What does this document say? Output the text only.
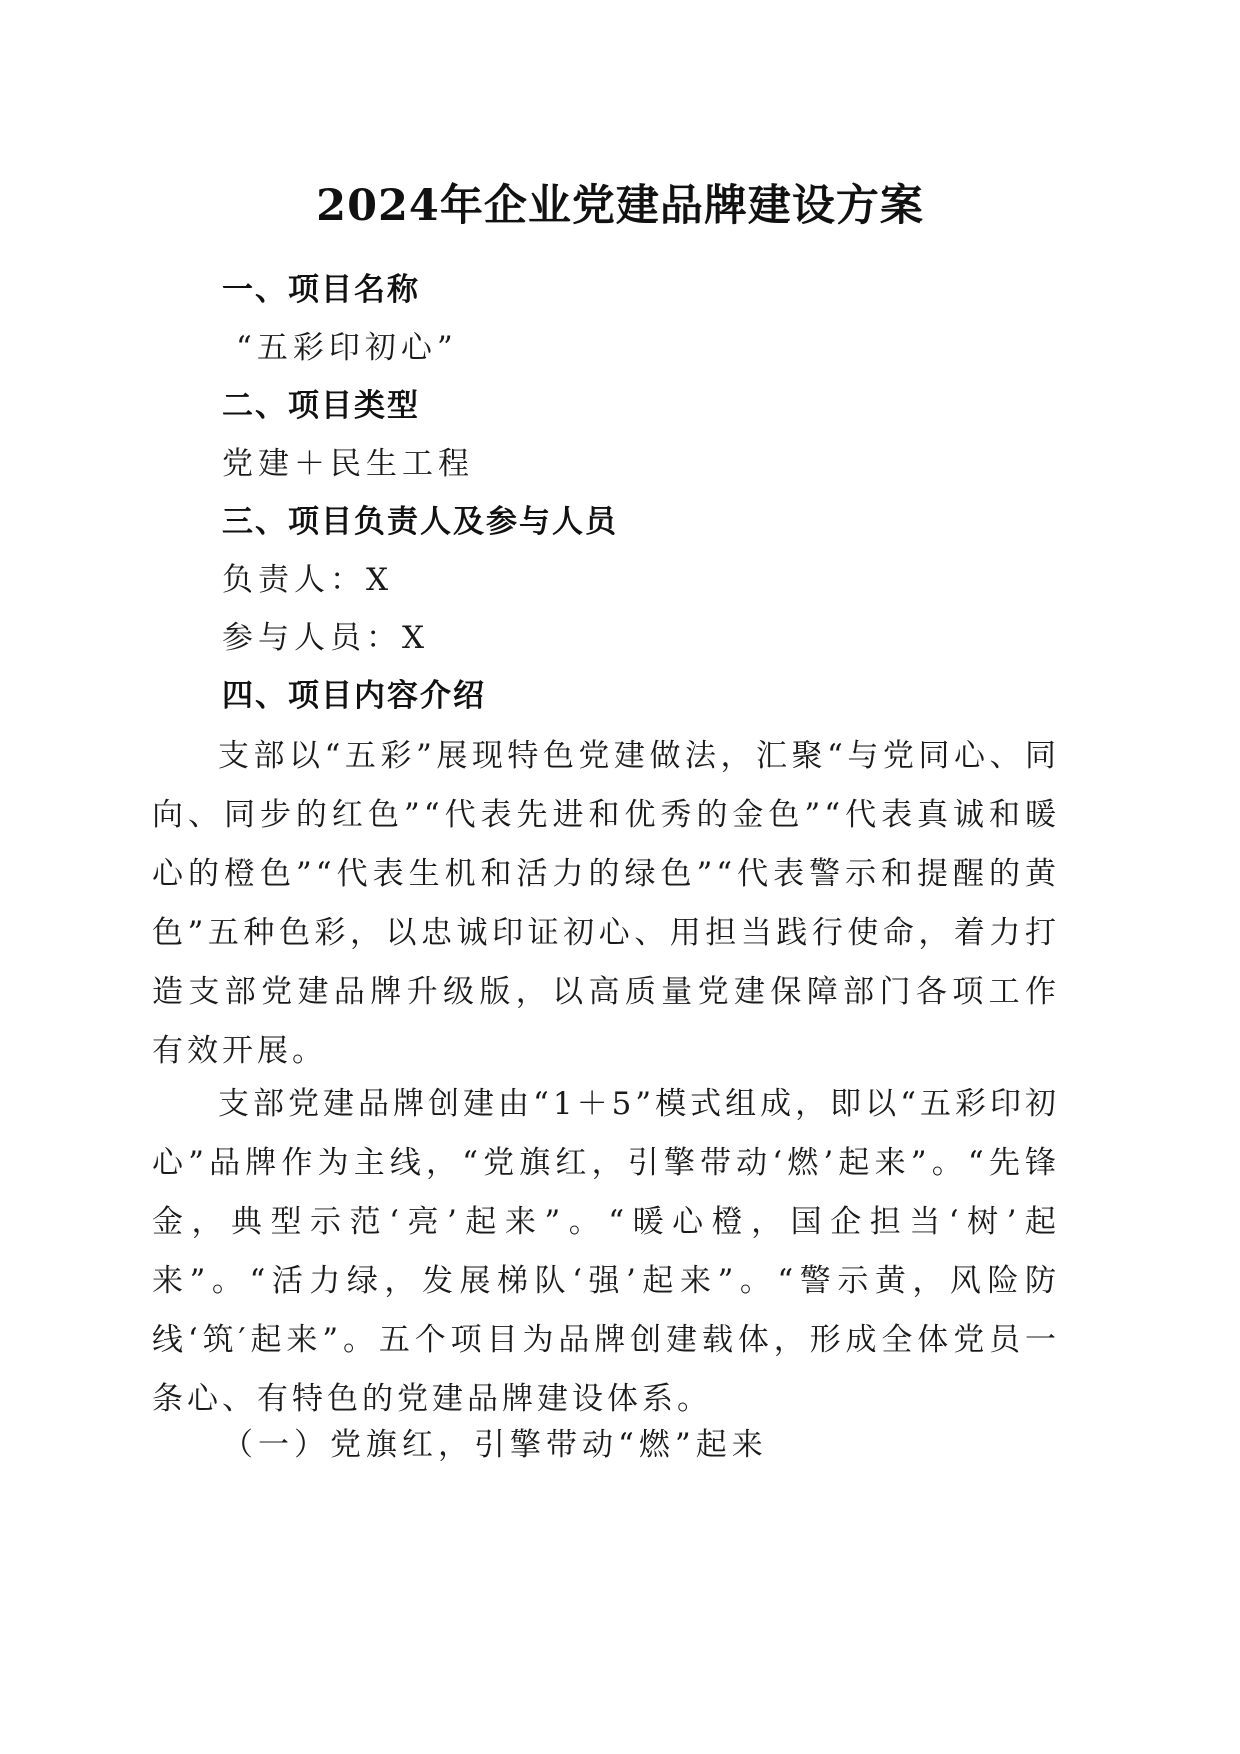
2024年企业党建品牌建设方案
一、项目名称
“五彩印初心”
二、项目类型
党建＋民生工程
三、项目负责人及参与人员
负责人：X
参与人员：X
四、项目内容介绍

支部以“五彩”展现特色党建做法，汇聚“与党同心、同向、同步的红色”“代表先进和优秀的金色”“代表真诚和暖心的橙色”“代表生机和活力的绿色”“代表警示和提醒的黄色”五种色彩，以忠诚印证初心、用担当践行使命，着力打造支部党建品牌升级版，以高质量党建保障部门各项工作有效开展。

支部党建品牌创建由“1＋5”模式组成，即以“五彩印初心”品牌作为主线，“党旗红，引擎带动‘燃’起来”。“先锋金，典型示范‘亮’起来”。“暖心橙，国企担当‘树’起来”。“活力绿，发展梯队‘强’起来”。“警示黄，风险防线‘筑′起来”。五个项目为品牌创建载体，形成全体党员一条心、有特色的党建品牌建设体系。

（一）党旗红，引擎带动“燃”起来
